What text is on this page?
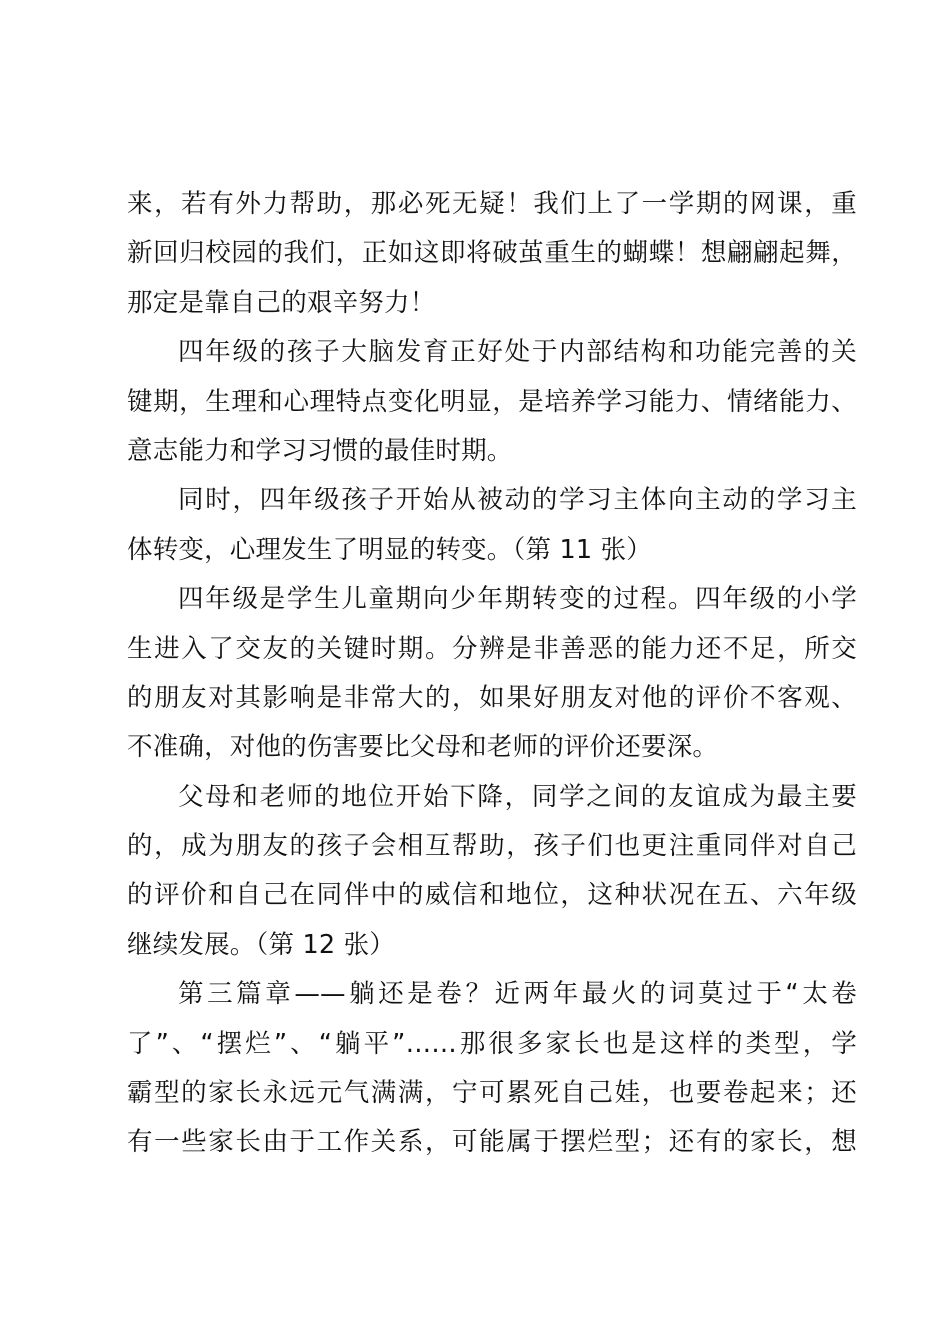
来，若有外力帮助，那必死无疑！我们上了一学期的网课，重
新回归校园的我们，正如这即将破茧重生的蝴蝶！想翩翩起舞，
那定是靠自己的艰辛努力！
四年级的孩子大脑发育正好处于内部结构和功能完善的关
键期，生理和心理特点变化明显，是培养学习能力、情绪能力、
意志能力和学习习惯的最佳时期。
同时，四年级孩子开始从被动的学习主体向主动的学习主
体转变，心理发生了明显的转变。（第 11 张）
四年级是学生儿童期向少年期转变的过程。四年级的小学
生进入了交友的关键时期。分辨是非善恶的能力还不足，所交
的朋友对其影响是非常大的，如果好朋友对他的评价不客观、
不准确，对他的伤害要比父母和老师的评价还要深。
父母和老师的地位开始下降，同学之间的友谊成为最主要
的，成为朋友的孩子会相互帮助，孩子们也更注重同伴对自己
的评价和自己在同伴中的威信和地位，这种状况在五、六年级
继续发展。（第 12 张）
第三篇章——躺还是卷？近两年最火的词莫过于“太卷
了”、“摆烂”、“躺平”……那很多家长也是这样的类型，学
霸型的家长永远元气满满，宁可累死自己娃，也要卷起来；还
有一些家长由于工作关系，可能属于摆烂型；还有的家长，想
